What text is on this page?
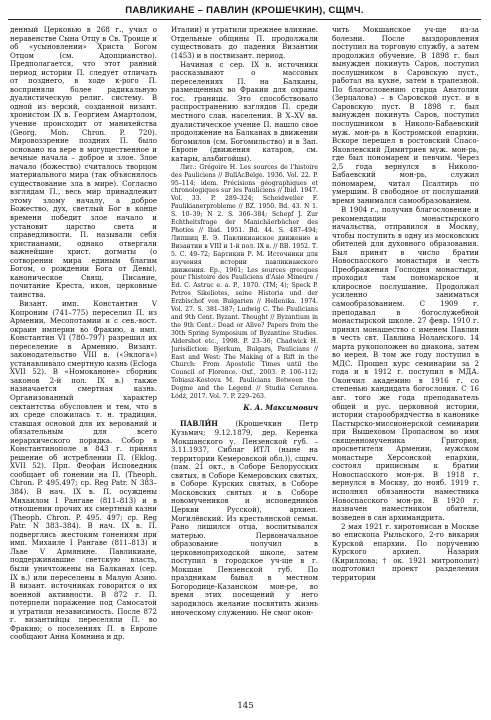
ПАВЛИКИАНЕ – ПАВЛИН (КРОШЕЧКИН), СЩМЧ.

денный Церковью в 268 г., учил о неравенстве Сына Отцу в Св. Троице и об «усыновлении» Христа Богом Отцом (см. Адопцианство). Предполагается, что этот ранний период истории П. следует отличать от позднего, в ходе к-рого П. восприняли более радикальную дуалистическую религ. систему. В одной из версий, созданной визант. хронистом IX в. Георгием Амартолом, учение происходит от манихейства (Georg. Mon. Chron. P. 720). Мировоззрение поздних П. было основано на вере в могущественное и вечные начала – доброе и злое. Злое начало (божество) считалось творцом материального мира (так объяснялось существование зла в мире). Согласно взглядам П., весь мир принадлежит этому злому началу, а доброе Божество, дух, светлый Бог в конце времени победит злое начало и установит царство света и справедливости. П. называли себя христианами, однако отвергали важнейшие христ. догматы (о сотворении мира единым благим Богом, о рождении Бога от Девы), каноническое Свящ. Писание, почитание Креста, икон, церковные таинства.

Визант. имп. Константин V Копроним (741–775) переселил П. из Армении, Месопотамии и с сев.-вост. окраин империи во Фракию, а имп. Константин VI (780–797) разрешил их переселение в Армению. Визант. законодательство VIII в. («Эклога») устанавливало смертную казнь (Ecloga XVII 52). В «Номоканоне» сборник законов 2-й пол. IX в.) также назначается смертная казнь. Организованный характер сектантства обусловлен и тем, что в их среде сложилась т. н. традиция, ставшая основой для их верований и обязательным для всего иерархического порядка. Собор в Константинополе в 843 г. принял решение об истреблении П. (Eklog. XVII 52). Прп. Феофан Исповедник сообщает об гонении на П. (Theoph. Chron. P. 495.497; ср. Reg Patr. N 383–384). В нач. IX в. П. осуждены Михаилом I Рангаве (811–813) и в отношении прочих их смертный казни (Theoph. Chron. P. 495. 497; ср. Reg Patr. N 383–384). В нач. IX в. П. подверглись жестоким гонениям при имп. Михаиле I Рангаве (811–813) и Льве V Армянине. Павликиане, поддерживавшие светскую власть, были уничтожены на Балканах (сер. IX в.) или переселены в Малую Азию. В визант. источниках говорится о их военной активности. В 872 г. П. потерпели поражение под Самосатой и утратили независимость. После 872 г. византийцы переселяли П. во Фракию; о поселениях П. в Европе сообщают Анна Комнина и др.

Италии) и утратили прежнее влияние. Отдельные общины П. продолжали существовать до падения Византии (1453) и в поствизант. период.

Начиная с сер. IX в. источники рассказывают о массовых переселениях П. на Балканы, размещенных во Фракии для охраны гос. границы. Это способствовало распространению взглядов П. среди местного слав. населения. В X–XV вв. дуалистическое учение П. нашло свое продолжение на Балканах в движении богомилов (см. Богомильство) и в Зап. Европе (движения катаров, см. катары, альбигойцы).

Лит.: Grégoire H. Les sources de l'histoire des Pauliciens // BullAcBelge. 1936. Vol. 22. P. 95–114; idem. Précisions géographiques et chronologiques sur les Pauliciens // Ibid. 1947. Vol. 33. P. 289–324; Scheidweiler F. Paulikianerprobleme // BZ. 1950. Bd. 43. N 1. S. 10–39; N 2. S. 366–384; Schepf J. Zur Echtheitsfrage der Manichäerbücher des Photios // Ibid. 1951. Bd. 44. S. 487–494; Липшиц Е. Э. Павликианское движение в Византии в VIII и 1-й пол. IX в. // ВВ. 1952. Т. 5. С. 49–72; Бартикян Р. М. Источники для изучения истории павликианского движения. Ер., 1961; Les sources grecques pour l'histoire des Pauliciens d'Asie Mineure / Ed. C. Astruc e. a. P., 1970. (TM; 4); Speck P. Petros Sikeliotes, seine Historia und der Erzbischof von Bulgarien // Hellenika. 1974. Vol. 27. S. 381–387; Ludwig C. The Paulicians and 9th Cent. Byzant. Thought // Byzantium in the 9th Cent.: Dead or Alive? Papers from the 30th Spring Symposium of Byzantine Studies. Aldershot etc., 1998. P. 23–36; Chadwick H. Jurisdiction: Bjerkum, Bulgars, Paulicians // East and West: The Making of a Rift in the Church: From Apostolic Times until the Council of Florence. Oxf., 2003. P. 106–112; Tobiasz-Kostova M. Paulicians Between the Dogme and the Legend // Studia Ceranea. Łódź, 2017. Vol. 7. P. 229–263.

К. А. Максимович

ПАВЛИ́Н (Крошечкин Петр Кузьмич; 9.12.1879, дер. Керенка Мокшанского у. Пензенской губ. – 3.11.1937, Сиблаг ИТЛ (ныне на территории Кемеровской обл.)), сщмч. (пам. 21 окт., в Соборе Белорусских святых, в Соборе Кемеровских святых, в Соборе Курских святых, в Соборе Московских святых и в Соборе новомучеников и исповедников Церкви Русской), архиеп. Могилёвский. Из крестьянской семьи. Рано лишился отца, воспитывался матерью. Первоначальное образование получил в церковноприходской школе, затем поступил в городское уч-ще в г. Мокшан Пензенской губ. По праздникам бывал в местном Богородице-Казанском мон-ре, во время этих посещений у него зародилось желание посвятить жизнь иноческому служению. Не смог окон-

чить Мокшанское уч-ще из-за болезни. После выздоровления поступил на торговую службу, а затем продолжил обучение. В 1898 г. был вынужден покинуть Саров, поступил послушником в Саровскую пуст., работал на кухне, затем в трапезной. По благословению старца Анатолия (Зерцалова) – в Саровской пуст. и в Саровскую пуст. В 1898 г. был вынужден покинуть Саров, поступил послушником в Николо-Бабаевский муж. мон-рь в Костромской епархии. Вскоре перешел в ростовский Спасо-Яковлевский Димитриев муж. мон-рь, где был пономарем и певчим. Через 2,5 года вернулся в Николо-Бабаевский мон-рь, служил пономарем, читал Псалтирь по умершим. В свободное от послушаний время занимался самообразованием.

В 1904 г., получив благословение и рекомендации монастырского начальства, отправился в Москву, чтобы поступить в одну из московских обителей для духовного образования. Был принят в число братии Новоспасского монастыря и честь Преображения Господня монастыря, проходил там пономарское и клиросное послушание. Продолжал усиленно заниматься самообразованием. С 1909 г. преподавал в богослужебной монастырской школе. 27 февр. 1910 г. принял монашество с именем Павлин в честь свт. Павлина Ноланского. 14 марта рукоположен во диакона, затем во иерея. В том же году поступил в МДС. Прошел курс семинарии за 2 года и в 1912 г. поступил в МДА. Окончил академию в 1916 г. со степенью кандидата богословия. С 16 авг. того же года преподаватель общей и рус. церковной истории, истории старообрядчества в канонике Пастырско-миссионерской семинарии при Вышеховом Пропасном во имя священномученика Григория, просветителя Армении, мужском монастыре Херсонской епархии, состоял приписным к братии Новоспасского мон-ря. В 1918 г. вернулся в Москву, до нояб. 1919 г. исполнял обязанности наместника Новоспасского мон-ря. В 1920 г. назначен наместником обители, возведен в сан архимандрита.

2 мая 1921 г. хиротонисан в Москве во епископа Рыльского, 2-го викария Курской епархии. По поручению Курского архиеп. Назария (Кириллова; † ок. 1921 митрополит) подготовил проект разделения территории

145
